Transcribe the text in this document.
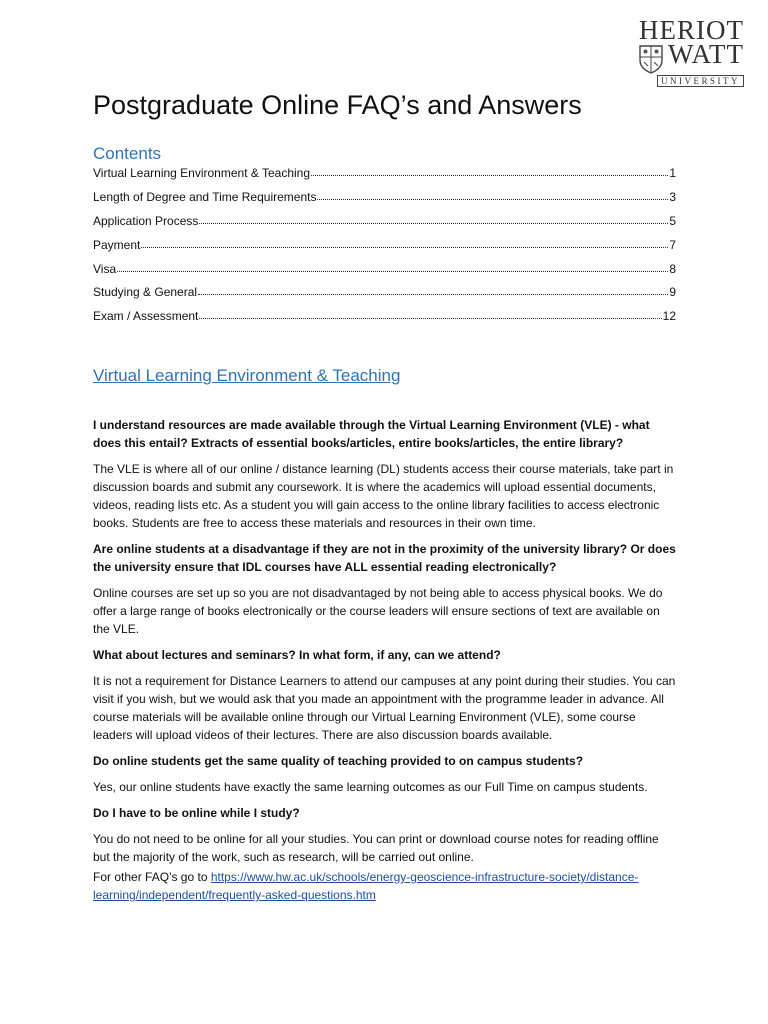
HERIOT
WATT
UNIVERSITY
Postgraduate Online FAQ’s and Answers
Contents
Virtual Learning Environment & Teaching	1
Length of Degree and Time Requirements	3
Application Process	5
Payment	7
Visa	8
Studying & General	9
Exam / Assessment	12
Virtual Learning Environment & Teaching

I understand resources are made available through the Virtual Learning Environment (VLE) - what does this entail? Extracts of essential books/articles, entire books/articles, the entire library?

The VLE is where all of our online / distance learning (DL) students access their course materials, take part in discussion boards and submit any coursework. It is where the academics will upload essential documents, videos, reading lists etc. As a student you will gain access to the online library facilities to access electronic books. Students are free to access these materials and resources in their own time.

Are online students at a disadvantage if they are not in the proximity of the university library? Or does the university ensure that IDL courses have ALL essential reading electronically?

Online courses are set up so you are not disadvantaged by not being able to access physical books. We do offer a large range of books electronically or the course leaders will ensure sections of text are available on the VLE.

What about lectures and seminars? In what form, if any, can we attend?

It is not a requirement for Distance Learners to attend our campuses at any point during their studies. You can visit if you wish, but we would ask that you made an appointment with the programme leader in advance. All course materials will be available online through our Virtual Learning Environment (VLE), some course leaders will upload videos of their lectures. There are also discussion boards available.

Do online students get the same quality of teaching provided to on campus students?

Yes, our online students have exactly the same learning outcomes as our Full Time on campus students.

Do I have to be online while I study?

You do not need to be online for all your studies. You can print or download course notes for reading offline but the majority of the work, such as research, will be carried out online.

For other FAQ’s go to https://www.hw.ac.uk/schools/energy-geoscience-infrastructure-society/distance-learning/independent/frequently-asked-questions.htm
